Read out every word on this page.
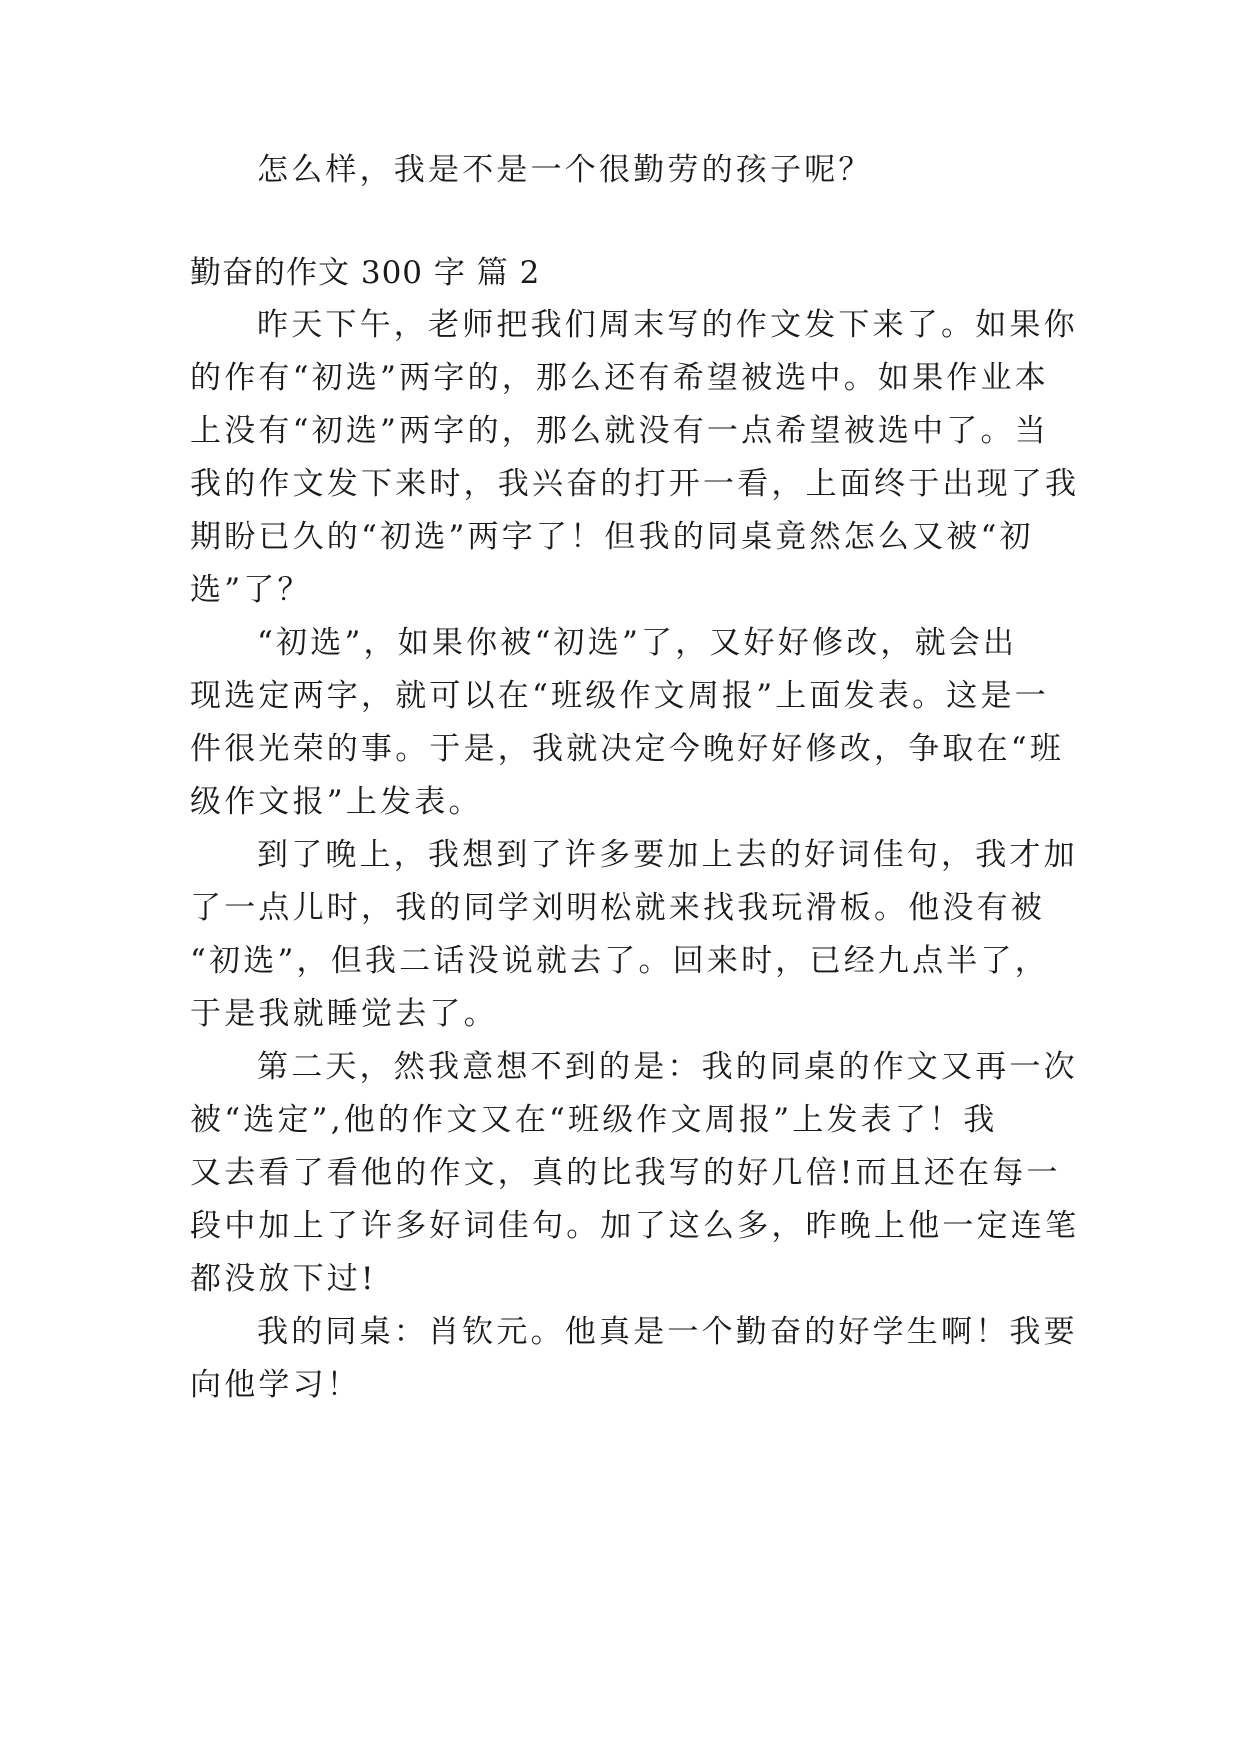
怎么样，我是不是一个很勤劳的孩子呢？
勤奋的作文 300 字 篇 2
昨天下午，老师把我们周末写的作文发下来了。如果你
的作有“初选”两字的，那么还有希望被选中。如果作业本
上没有“初选”两字的，那么就没有一点希望被选中了。当
我的作文发下来时，我兴奋的打开一看，上面终于出现了我
期盼已久的“初选”两字了！但我的同桌竟然怎么又被“初
选”了？
“初选”，如果你被“初选”了，又好好修改，就会出
现选定两字，就可以在“班级作文周报”上面发表。这是一
件很光荣的事。于是，我就决定今晚好好修改，争取在“班
级作文报”上发表。
到了晚上，我想到了许多要加上去的好词佳句，我才加
了一点儿时，我的同学刘明松就来找我玩滑板。他没有被
“初选”，但我二话没说就去了。回来时，已经九点半了，
于是我就睡觉去了。
第二天，然我意想不到的是：我的同桌的作文又再一次
被“选定”,他的作文又在“班级作文周报”上发表了！我
又去看了看他的作文，真的比我写的好几倍!而且还在每一
段中加上了许多好词佳句。加了这么多，昨晚上他一定连笔
都没放下过!
我的同桌：肖钦元。他真是一个勤奋的好学生啊！我要
向他学习！
